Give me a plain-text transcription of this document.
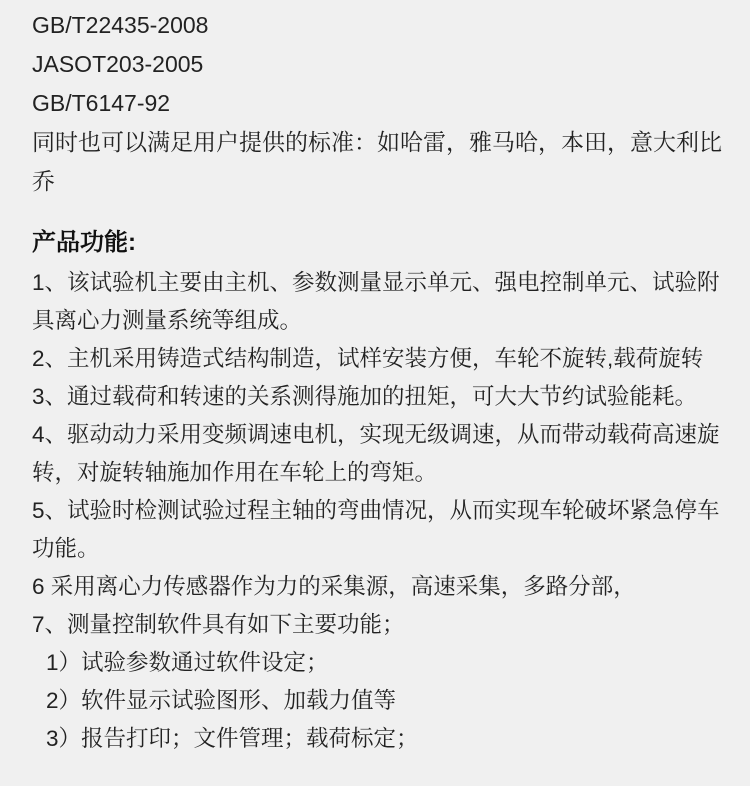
GB/T22435-2008
JASOT203-2005
GB/T6147-92

同时也可以满足用户提供的标准：如哈雷，雅马哈，本田，意大利比乔

产品功能:
1、该试验机主要由主机、参数测量显示单元、强电控制单元、试验附具离心力测量系统等组成。
2、主机采用铸造式结构制造，试样安装方便，车轮不旋转,载荷旋转
3、通过载荷和转速的关系测得施加的扭矩，可大大节约试验能耗。
4、驱动动力采用变频调速电机，实现无级调速，从而带动载荷高速旋转，对旋转轴施加作用在车轮上的弯矩。
5、试验时检测试验过程主轴的弯曲情况，从而实现车轮破坏紧急停车功能。
6 采用离心力传感器作为力的采集源，高速采集，多路分部，
7、测量控制软件具有如下主要功能；
1）试验参数通过软件设定；
2）软件显示试验图形、加载力值等
3）报告打印；文件管理；载荷标定；
